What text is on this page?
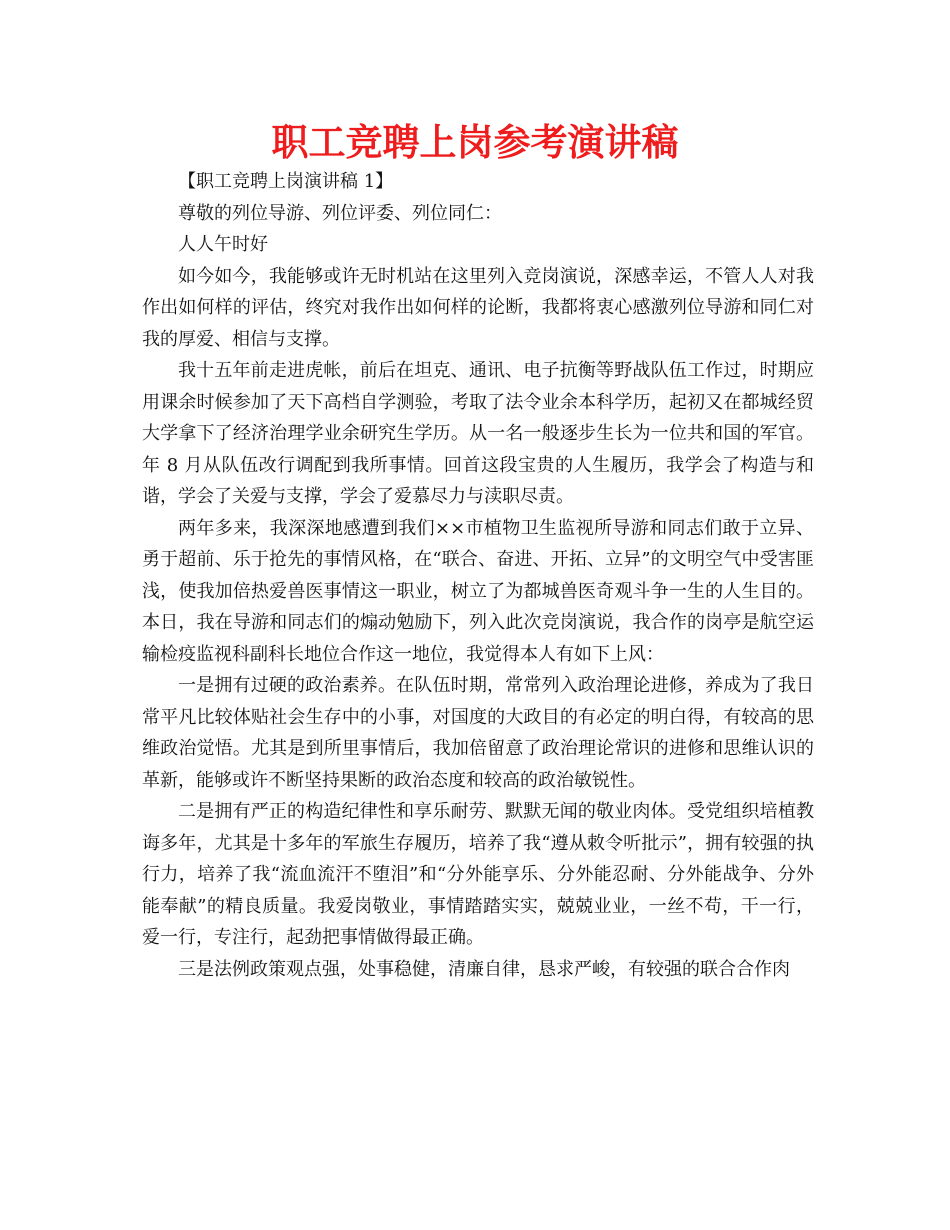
职工竞聘上岗参考演讲稿

【职工竞聘上岗演讲稿 1】

尊敬的列位导游、列位评委、列位同仁：

人人午时好

如今如今，我能够或许无时机站在这里列入竞岗演说，深感幸运，不管人人对我作出如何样的评估，终究对我作出如何样的论断，我都将衷心感激列位导游和同仁对我的厚爱、相信与支撑。

我十五年前走进虎帐，前后在坦克、通讯、电子抗衡等野战队伍工作过，时期应用课余时候参加了天下高档自学测验，考取了法令业余本科学历，起初又在都城经贸大学拿下了经济治理学业余研究生学历。从一名一般逐步生长为一位共和国的军官。年 8 月从队伍改行调配到我所事情。回首这段宝贵的人生履历，我学会了构造与和谐，学会了关爱与支撑，学会了爱慕尽力与渎职尽责。

两年多来，我深深地感遭到我们××市植物卫生监视所导游和同志们敢于立异、勇于超前、乐于抢先的事情风格，在“联合、奋进、开拓、立异”的文明空气中受害匪浅，使我加倍热爱兽医事情这一职业，树立了为都城兽医奇观斗争一生的人生目的。本日，我在导游和同志们的煽动勉励下，列入此次竞岗演说，我合作的岗亭是航空运输检疫监视科副科长地位合作这一地位，我觉得本人有如下上风：

一是拥有过硬的政治素养。在队伍时期，常常列入政治理论进修，养成为了我日常平凡比较体贴社会生存中的小事，对国度的大政目的有必定的明白得，有较高的思维政治觉悟。尤其是到所里事情后，我加倍留意了政治理论常识的进修和思维认识的革新，能够或许不断坚持果断的政治态度和较高的政治敏锐性。

二是拥有严正的构造纪律性和享乐耐劳、默默无闻的敬业肉体。受党组织培植教诲多年，尤其是十多年的军旅生存履历，培养了我“遵从敕令听批示”，拥有较强的执行力，培养了我“流血流汗不堕泪”和“分外能享乐、分外能忍耐、分外能战争、分外能奉献”的精良质量。我爱岗敬业，事情踏踏实实，兢兢业业，一丝不苟，干一行，爱一行，专注行，起劲把事情做得最正确。

三是法例政策观点强，处事稳健，清廉自律，恳求严峻，有较强的联合合作肉
